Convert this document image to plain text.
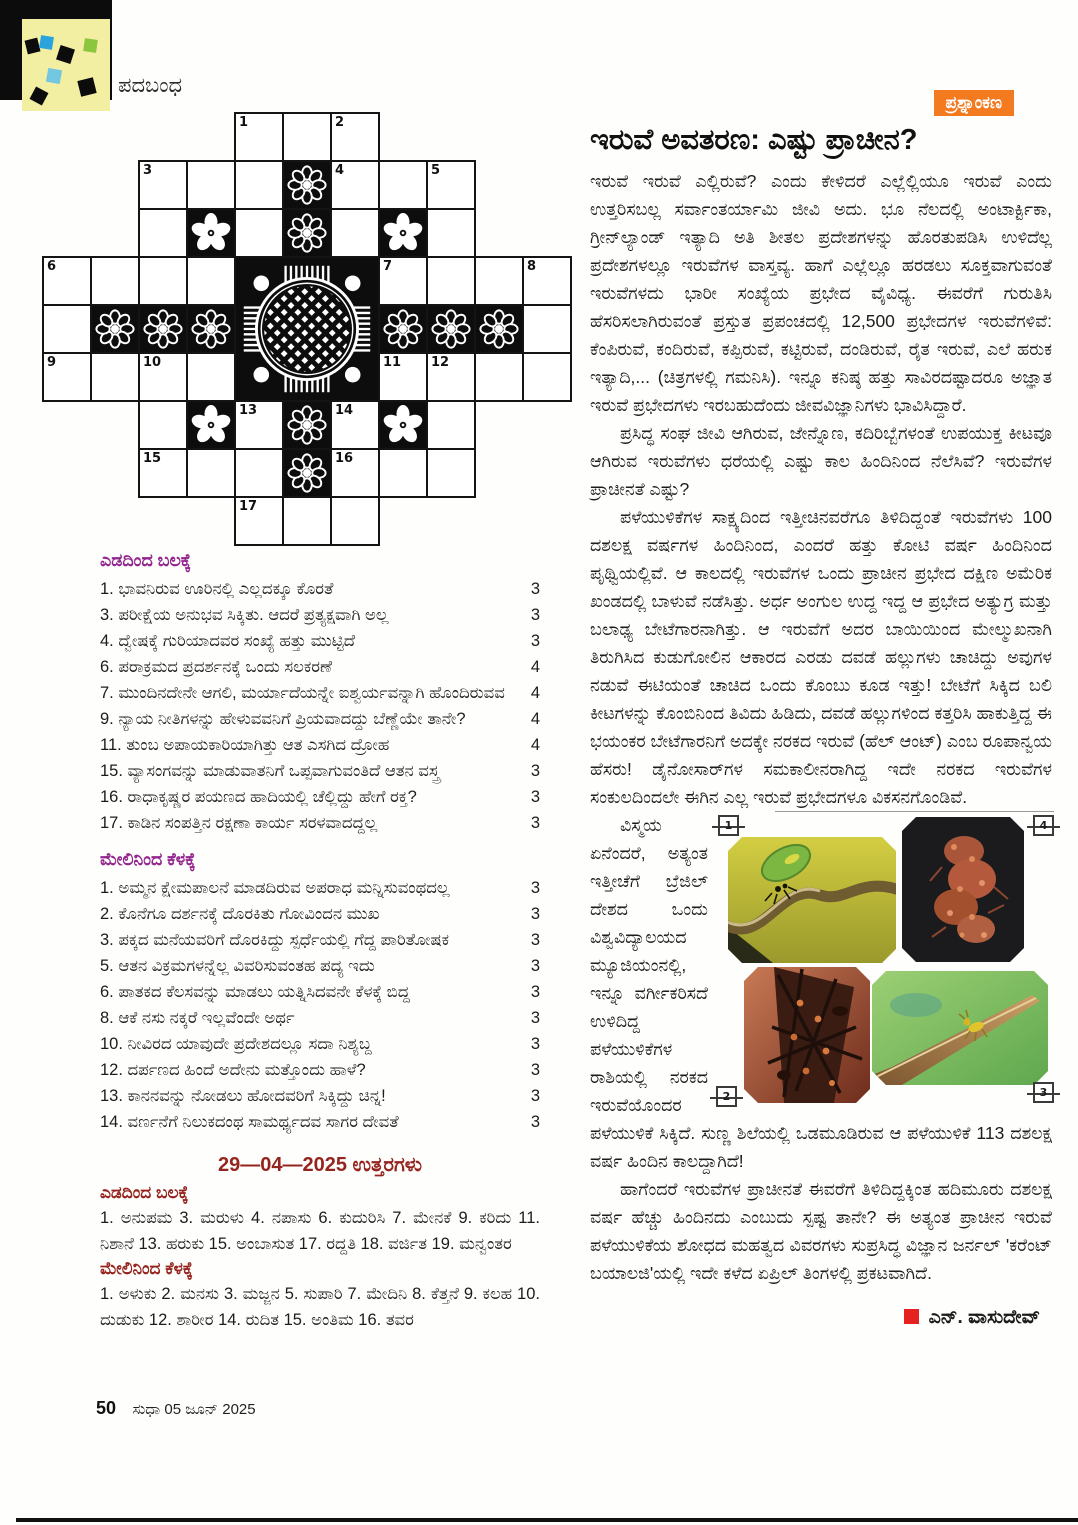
ಪದಬಂಧ
1	2
3	4	5
6	7	8
9	10	11 12
13	14
15	16
17
ಎಡದಿಂದ ಬಲಕ್ಕೆ
1. ಭಾವನಿರುವ ಊರಿನಲ್ಲಿ ಎಲ್ಲದಕ್ಕೂ ಕೊರತೆ	3
3. ಪರೀಕ್ಷೆಯ ಅನುಭವ ಸಿಕ್ಕಿತು. ಆದರೆ ಪ್ರತ್ಯಕ್ಷವಾಗಿ ಅಲ್ಲ	3
4. ದ್ವೇಷಕ್ಕೆ ಗುರಿಯಾದವರ ಸಂಖ್ಯೆ ಹತ್ತು ಮುಟ್ಟಿದೆ	3
6. ಪರಾಕ್ರಮದ ಪ್ರದರ್ಶನಕ್ಕೆ ಒಂದು ಸಲಕರಣೆ	4
7. ಮುಂದಿನದೇನೇ ಆಗಲಿ, ಮರ್ಯಾದೆಯನ್ನೇ ಐಶ್ವರ್ಯವನ್ನಾಗಿ ಹೊಂದಿರುವವ	4
9. ನ್ಯಾಯ ನೀತಿಗಳನ್ನು ಹೇಳುವವನಿಗೆ ಪ್ರಿಯವಾದದ್ದು ಬೆಣ್ಣೆಯೇ ತಾನೇ?	4
11. ತುಂಬ ಅಪಾಯಕಾರಿಯಾಗಿತ್ತು ಆತ ಎಸಗಿದ ದ್ರೋಹ	4
15. ವ್ಯಾಸಂಗವನ್ನು ಮಾಡುವಾತನಿಗೆ ಒಪ್ಪವಾಗುವಂತಿದೆ ಆತನ ವಸ್ತ್ರ	3
16. ರಾಧಾಕೃಷ್ಣರ ಪಯಣದ ಹಾದಿಯಲ್ಲಿ ಚೆಲ್ಲಿದ್ದು ಹೇಗೆ ರಕ್ತ?	3
17. ಕಾಡಿನ ಸಂಪತ್ತಿನ ರಕ್ಷಣಾ ಕಾರ್ಯ ಸರಳವಾದದ್ದಲ್ಲ	3
ಮೇಲಿನಿಂದ ಕೆಳಕ್ಕೆ
1. ಅಮ್ಮನ ಕ್ಷೇಮಪಾಲನೆ ಮಾಡದಿರುವ ಅಪರಾಧ ಮನ್ನಿಸುವಂಥದಲ್ಲ	3
2. ಕೊನೆಗೂ ದರ್ಶನಕ್ಕೆ ದೊರಕಿತು ಗೋವಿಂದನ ಮುಖ	3
3. ಪಕ್ಕದ ಮನೆಯವರಿಗೆ ದೊರಕಿದ್ದು ಸ್ಪರ್ಧೆಯಲ್ಲಿ ಗೆದ್ದ ಪಾರಿತೋಷಕ	3
5. ಆತನ ವಿಕ್ರಮಗಳನ್ನೆಲ್ಲ ವಿವರಿಸುವಂತಹ ಪದ್ಯ ಇದು	3
6. ಪಾತಕದ ಕೆಲಸವನ್ನು ಮಾಡಲು ಯತ್ನಿಸಿದವನೇ ಕೆಳಕ್ಕೆ ಬಿದ್ದ	3
8. ಆಕೆ ನಸು ನಕ್ಕರೆ ಇಲ್ಲವೆಂದೇ ಅರ್ಥ	3
10. ನೀವಿರದ ಯಾವುದೇ ಪ್ರದೇಶದಲ್ಲೂ ಸದಾ ನಿಶ್ಯಬ್ದ	3
12. ದರ್ಪಣದ ಹಿಂದೆ ಅದೇನು ಮತ್ತೊಂದು ಹಾಳೆ?	3
13. ಕಾನನವನ್ನು ನೋಡಲು ಹೋದವರಿಗೆ ಸಿಕ್ಕಿದ್ದು ಚಿನ್ನ!	3
14. ವರ್ಣನೆಗೆ ನಿಲುಕದಂಥ ಸಾಮರ್ಥ್ಯದವ ಸಾಗರ ದೇವತೆ	3
29—04—2025 ಉತ್ತರಗಳು
ಎಡದಿಂದ ಬಲಕ್ಕೆ
1. ಅನುಪಮ 3. ಮರುಳು 4. ನಪಾಸು 6. ಕುದುರಿಸಿ 7. ಮೇನಕೆ 9. ಕರಿದು 11. ನಿಶಾನೆ 13. ಹರುಕು 15. ಅಂಬಾಸುತ 17. ರದ್ದತಿ 18. ವರ್ಜಿತ 19. ಮನ್ವಂತರ
ಮೇಲಿನಿಂದ ಕೆಳಕ್ಕೆ
1. ಅಳುಕು 2. ಮನಸು 3. ಮಜ್ಜನ 5. ಸುಪಾರಿ 7. ಮೇದಿನಿ 8. ಕೆತ್ತನೆ 9. ಕಲಹ 10. ದುಡುಕು 12. ಶಾರೀರ 14. ರುದಿತ 15. ಅಂತಿಮ 16. ತವರ
ಪ್ರಶ್ನಾಂಕಣ
ಇರುವೆ ಅವತರಣ: ಎಷ್ಟು ಪ್ರಾಚೀನ?

ಇರುವೆ ಇರುವೆ ಎಲ್ಲಿರುವೆ? ಎಂದು ಕೇಳಿದರೆ ಎಲ್ಲೆಲ್ಲಿಯೂ ಇರುವೆ ಎಂದು ಉತ್ತರಿಸಬಲ್ಲ ಸರ್ವಾಂತರ್ಯಾಮಿ ಜೀವಿ ಅದು. ಭೂ ನೆಲದಲ್ಲಿ ಅಂಟಾರ್ಕ್ಟಿಕಾ, ಗ್ರೀನ್‌ಲ್ಯಾಂಡ್ ಇತ್ಯಾದಿ ಅತಿ ಶೀತಲ ಪ್ರದೇಶಗಳನ್ನು ಹೊರತುಪಡಿಸಿ ಉಳಿದೆಲ್ಲ ಪ್ರದೇಶಗಳಲ್ಲೂ ಇರುವೆಗಳ ವಾಸ್ತವ್ಯ. ಹಾಗೆ ಎಲ್ಲೆಲ್ಲೂ ಹರಡಲು ಸೂಕ್ತವಾಗುವಂತೆ ಇರುವೆಗಳದು ಭಾರೀ ಸಂಖ್ಯೆಯ ಪ್ರಭೇದ ವೈವಿಧ್ಯ. ಈವರೆಗೆ ಗುರುತಿಸಿ ಹೆಸರಿಸಲಾಗಿರುವಂತೆ ಪ್ರಸ್ತುತ ಪ್ರಪಂಚದಲ್ಲಿ 12,500 ಪ್ರಭೇದಗಳ ಇರುವೆಗಳಿವೆ: ಕೆಂಪಿರುವೆ, ಕಂದಿರುವೆ, ಕಪ್ಪಿರುವೆ, ಕಟ್ಟಿರುವೆ, ದಂಡಿರುವೆ, ರೈತ ಇರುವೆ, ಎಲೆ ಹರುಕ ಇತ್ಯಾದಿ,... (ಚಿತ್ರಗಳಲ್ಲಿ ಗಮನಿಸಿ). ಇನ್ನೂ ಕನಿಷ್ಠ ಹತ್ತು ಸಾವಿರದಷ್ಟಾದರೂ ಅಜ್ಞಾತ ಇರುವೆ ಪ್ರಭೇದಗಳು ಇರಬಹುದೆಂದು ಜೀವವಿಜ್ಞಾನಿಗಳು ಭಾವಿಸಿದ್ದಾರೆ.

ಪ್ರಸಿದ್ಧ ಸಂಘ ಜೀವಿ ಆಗಿರುವ, ಜೇನ್ನೊಣ, ಕದಿರಿಬ್ಬೆಗಳಂತೆ ಉಪಯುಕ್ತ ಕೀಟವೂ ಆಗಿರುವ ಇರುವೆಗಳು ಧರೆಯಲ್ಲಿ ಎಷ್ಟು ಕಾಲ ಹಿಂದಿನಿಂದ ನೆಲೆಸಿವೆ? ಇರುವೆಗಳ ಪ್ರಾಚೀನತೆ ಎಷ್ಟು?

ಪಳೆಯುಳಿಕೆಗಳ ಸಾಕ್ಷ್ಯದಿಂದ ಇತ್ತೀಚಿನವರೆಗೂ ತಿಳಿದಿದ್ದಂತೆ ಇರುವೆಗಳು 100 ದಶಲಕ್ಷ ವರ್ಷಗಳ ಹಿಂದಿನಿಂದ, ಎಂದರೆ ಹತ್ತು ಕೋಟಿ ವರ್ಷ ಹಿಂದಿನಿಂದ ಪೃಥ್ವಿಯಲ್ಲಿವೆ. ಆ ಕಾಲದಲ್ಲಿ ಇರುವೆಗಳ ಒಂದು ಪ್ರಾಚೀನ ಪ್ರಭೇದ ದಕ್ಷಿಣ ಅಮೆರಿಕ ಖಂಡದಲ್ಲಿ ಬಾಳುವೆ ನಡೆಸಿತ್ತು. ಅರ್ಧ ಅಂಗುಲ ಉದ್ದ ಇದ್ದ ಆ ಪ್ರಭೇದ ಅತ್ಯುಗ್ರ ಮತ್ತು ಬಲಾಢ್ಯ ಬೇಟೆಗಾರನಾಗಿತ್ತು. ಆ ಇರುವೆಗೆ ಅದರ ಬಾಯಿಯಿಂದ ಮೇಲ್ಮುಖನಾಗಿ ತಿರುಗಿಸಿದ ಕುಡುಗೋಲಿನ ಆಕಾರದ ಎರಡು ದವಡೆ ಹಲ್ಲುಗಳು ಚಾಚಿದ್ದು ಅವುಗಳ ನಡುವೆ ಈಟಿಯಂತೆ ಚಾಚಿದ ಒಂದು ಕೊಂಬು ಕೂಡ ಇತ್ತು! ಬೇಟೆಗೆ ಸಿಕ್ಕಿದ ಬಲಿ ಕೀಟಗಳನ್ನು ಕೊಂಬಿನಿಂದ ತಿವಿದು ಹಿಡಿದು, ದವಡೆ ಹಲ್ಲುಗಳಿಂದ ಕತ್ತರಿಸಿ ಹಾಕುತ್ತಿದ್ದ ಈ ಭಯಂಕರ ಬೇಟೆಗಾರನಿಗೆ ಅದಕ್ಕೇ ನರಕದ ಇರುವೆ (ಹೆಲ್ ಆಂಟ್) ಎಂಬ ರೂಪಾನ್ವಯ ಹೆಸರು! ಡೈನೋಸಾರ್‌ಗಳ ಸಮಕಾಲೀನರಾಗಿದ್ದ ಇದೇ ನರಕದ ಇರುವೆಗಳ ಸಂಕುಲದಿಂದಲೇ ಈಗಿನ ಎಲ್ಲ ಇರುವೆ ಪ್ರಭೇದಗಳೂ ವಿಕಸನಗೊಂಡಿವೆ.

1	4
2	3

ವಿಸ್ಮಯ ಏನೆಂದರೆ, ಅತ್ಯಂತ ಇತ್ತೀಚೆಗೆ ಬ್ರೆಜಿಲ್ ದೇಶದ ಒಂದು ವಿಶ್ವವಿದ್ಯಾಲಯದ ಮ್ಯೂಜಿಯಂನಲ್ಲಿ, ಇನ್ನೂ ವರ್ಗೀಕರಿಸದೆ ಉಳಿದಿದ್ದ ಪಳೆಯುಳಿಕೆಗಳ ರಾಶಿಯಲ್ಲಿ ನರಕದ ಇರುವೆಯೊಂದರ ಪಳೆಯುಳಿಕೆ ಸಿಕ್ಕಿದೆ. ಸುಣ್ಣ ಶಿಲೆಯಲ್ಲಿ ಒಡಮೂಡಿರುವ ಆ ಪಳೆಯುಳಿಕೆ 113 ದಶಲಕ್ಷ ವರ್ಷ ಹಿಂದಿನ ಕಾಲದ್ದಾಗಿದೆ!

ಹಾಗೆಂದರೆ ಇರುವೆಗಳ ಪ್ರಾಚೀನತೆ ಈವರೆಗೆ ತಿಳಿದಿದ್ದಕ್ಕಿಂತ ಹದಿಮೂರು ದಶಲಕ್ಷ ವರ್ಷ ಹೆಚ್ಚು ಹಿಂದಿನದು ಎಂಬುದು ಸ್ಪಷ್ಟ ತಾನೇ? ಈ ಅತ್ಯಂತ ಪ್ರಾಚೀನ ಇರುವೆ ಪಳೆಯುಳಿಕೆಯ ಶೋಧದ ಮಹತ್ವದ ವಿವರಗಳು ಸುಪ್ರಸಿದ್ಧ ವಿಜ್ಞಾನ ಜರ್ನಲ್ 'ಕರೆಂಟ್ ಬಯಾಲಜಿ'ಯಲ್ಲಿ ಇದೇ ಕಳೆದ ಏಪ್ರಿಲ್ ತಿಂಗಳಲ್ಲಿ ಪ್ರಕಟವಾಗಿದೆ.

ಎನ್. ವಾಸುದೇವ್
50 ಸುಧಾ 05 ಜೂನ್ 2025
